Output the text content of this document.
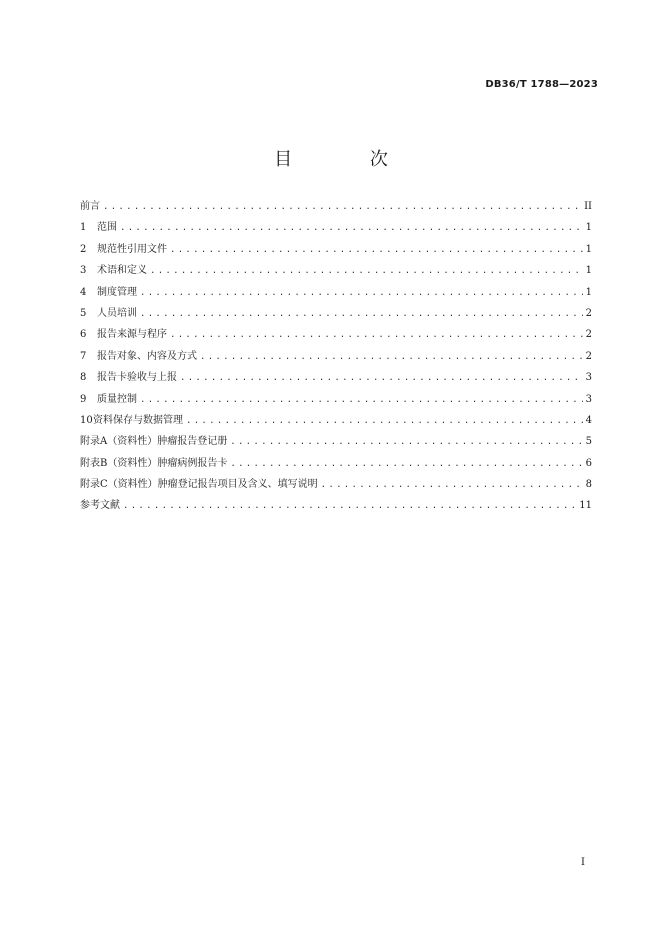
DB36/T 1788—2023
目 次
前言 .....	II
1	范围 .....	1
2	规范性引用文件 .....	1
3	术语和定义 .....	1
4	制度管理 .....	1
5	人员培训 .....	2
6	报告来源与程序 .....	2
7	报告对象、内容及方式 .....	2
8	报告卡验收与上报 .....	3
9	质量控制 .....	3
10 资料保存与数据管理 .....	4
附录A（资料性）肿瘤报告登记册 .....	5
附表B（资料性）肿瘤病例报告卡 .....	6
附录C（资料性）肿瘤登记报告项目及含义、填写说明 .....	8
参考文献 .....	11
I
